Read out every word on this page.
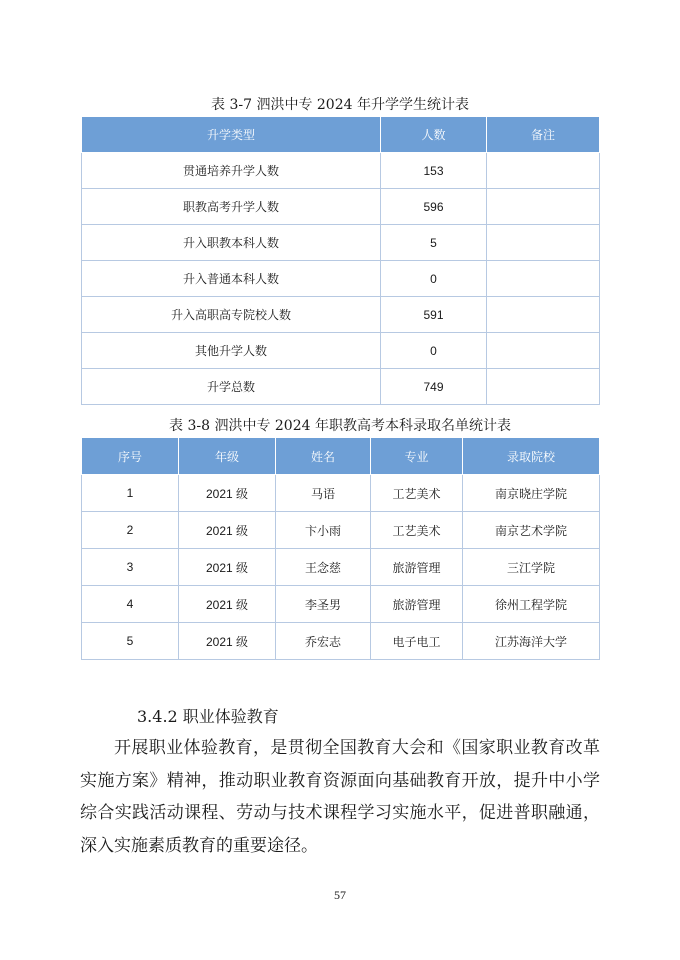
表 3-7 泗洪中专 2024 年升学学生统计表
升学类型	人数	备注
贯通培养升学人数	153	
职教高考升学人数	596	
升入职教本科人数	5	
升入普通本科人数	0	
升入高职高专院校人数	591	
其他升学人数	0	
升学总数	749	
表 3-8 泗洪中专 2024 年职教高考本科录取名单统计表
序号	年级	姓名	专业	录取院校
1	2021 级	马语	工艺美术	南京晓庄学院
2	2021 级	卞小雨	工艺美术	南京艺术学院
3	2021 级	王念慈	旅游管理	三江学院
4	2021 级	李圣男	旅游管理	徐州工程学院
5	2021 级	乔宏志	电子电工	江苏海洋大学
3.4.2 职业体验教育

开展职业体验教育，是贯彻全国教育大会和《国家职业教育改革实施方案》精神，推动职业教育资源面向基础教育开放，提升中小学综合实践活动课程、劳动与技术课程学习实施水平，促进普职融通，深入实施素质教育的重要途径。

57
